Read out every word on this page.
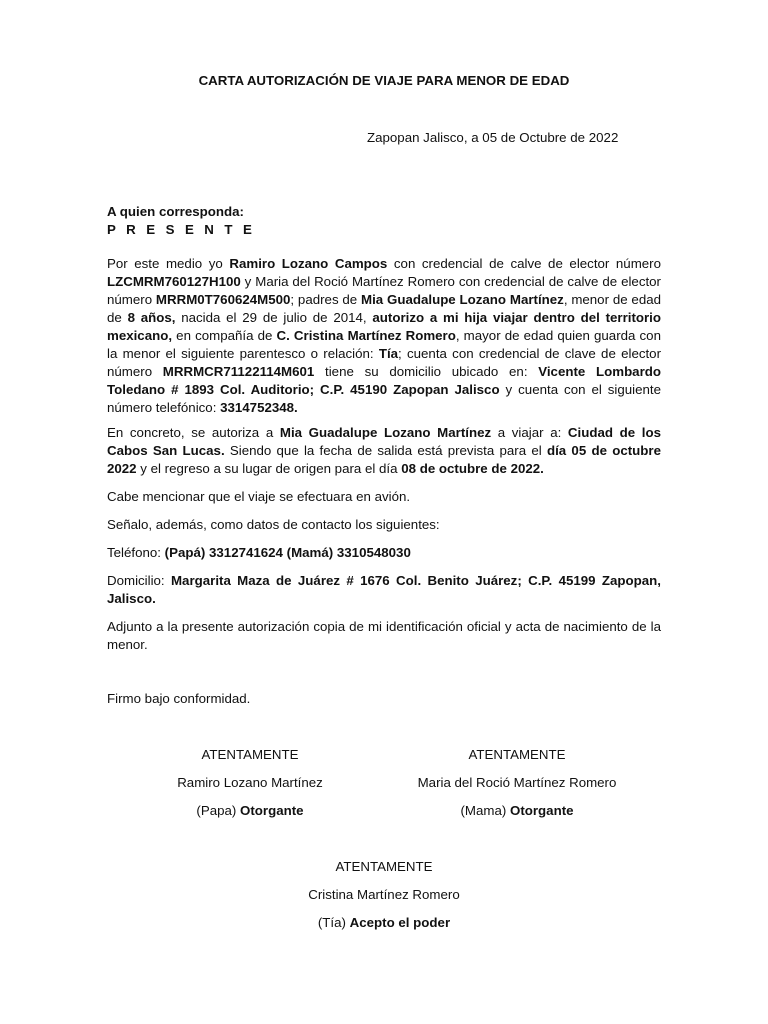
CARTA AUTORIZACIÓN DE VIAJE PARA MENOR DE EDAD
Zapopan Jalisco, a 05 de Octubre de 2022
A quien corresponda:
P R E S E N T E

Por este medio yo Ramiro Lozano Campos con credencial de calve de elector número LZCMRM760127H100 y Maria del Roció Martínez Romero con credencial de calve de elector número MRRM0T760624M500; padres de Mia Guadalupe Lozano Martínez, menor de edad de 8 años, nacida el 29 de julio de 2014, autorizo a mi hija viajar dentro del territorio mexicano, en compañía de C. Cristina Martínez Romero, mayor de edad quien guarda con la menor el siguiente parentesco o relación: Tía; cuenta con credencial de clave de elector número MRRMCR71122114M601 tiene su domicilio ubicado en: Vicente Lombardo Toledano # 1893 Col. Auditorio; C.P. 45190 Zapopan Jalisco y cuenta con el siguiente número telefónico: 3314752348.

En concreto, se autoriza a Mia Guadalupe Lozano Martínez a viajar a: Ciudad de los Cabos San Lucas. Siendo que la fecha de salida está prevista para el día 05 de octubre 2022 y el regreso a su lugar de origen para el día 08 de octubre de 2022.

Cabe mencionar que el viaje se efectuara en avión.

Señalo, además, como datos de contacto los siguientes:

Teléfono: (Papá) 3312741624 (Mamá) 3310548030

Domicilio: Margarita Maza de Juárez # 1676 Col. Benito Juárez; C.P. 45199 Zapopan, Jalisco.

Adjunto a la presente autorización copia de mi identificación oficial y acta de nacimiento de la menor.

Firmo bajo conformidad.

ATENTAMENTE
Ramiro Lozano Martínez
(Papa) Otorgante
ATENTAMENTE
Maria del Roció Martínez Romero
(Mama) Otorgante
ATENTAMENTE
Cristina Martínez Romero
(Tía) Acepto el poder
